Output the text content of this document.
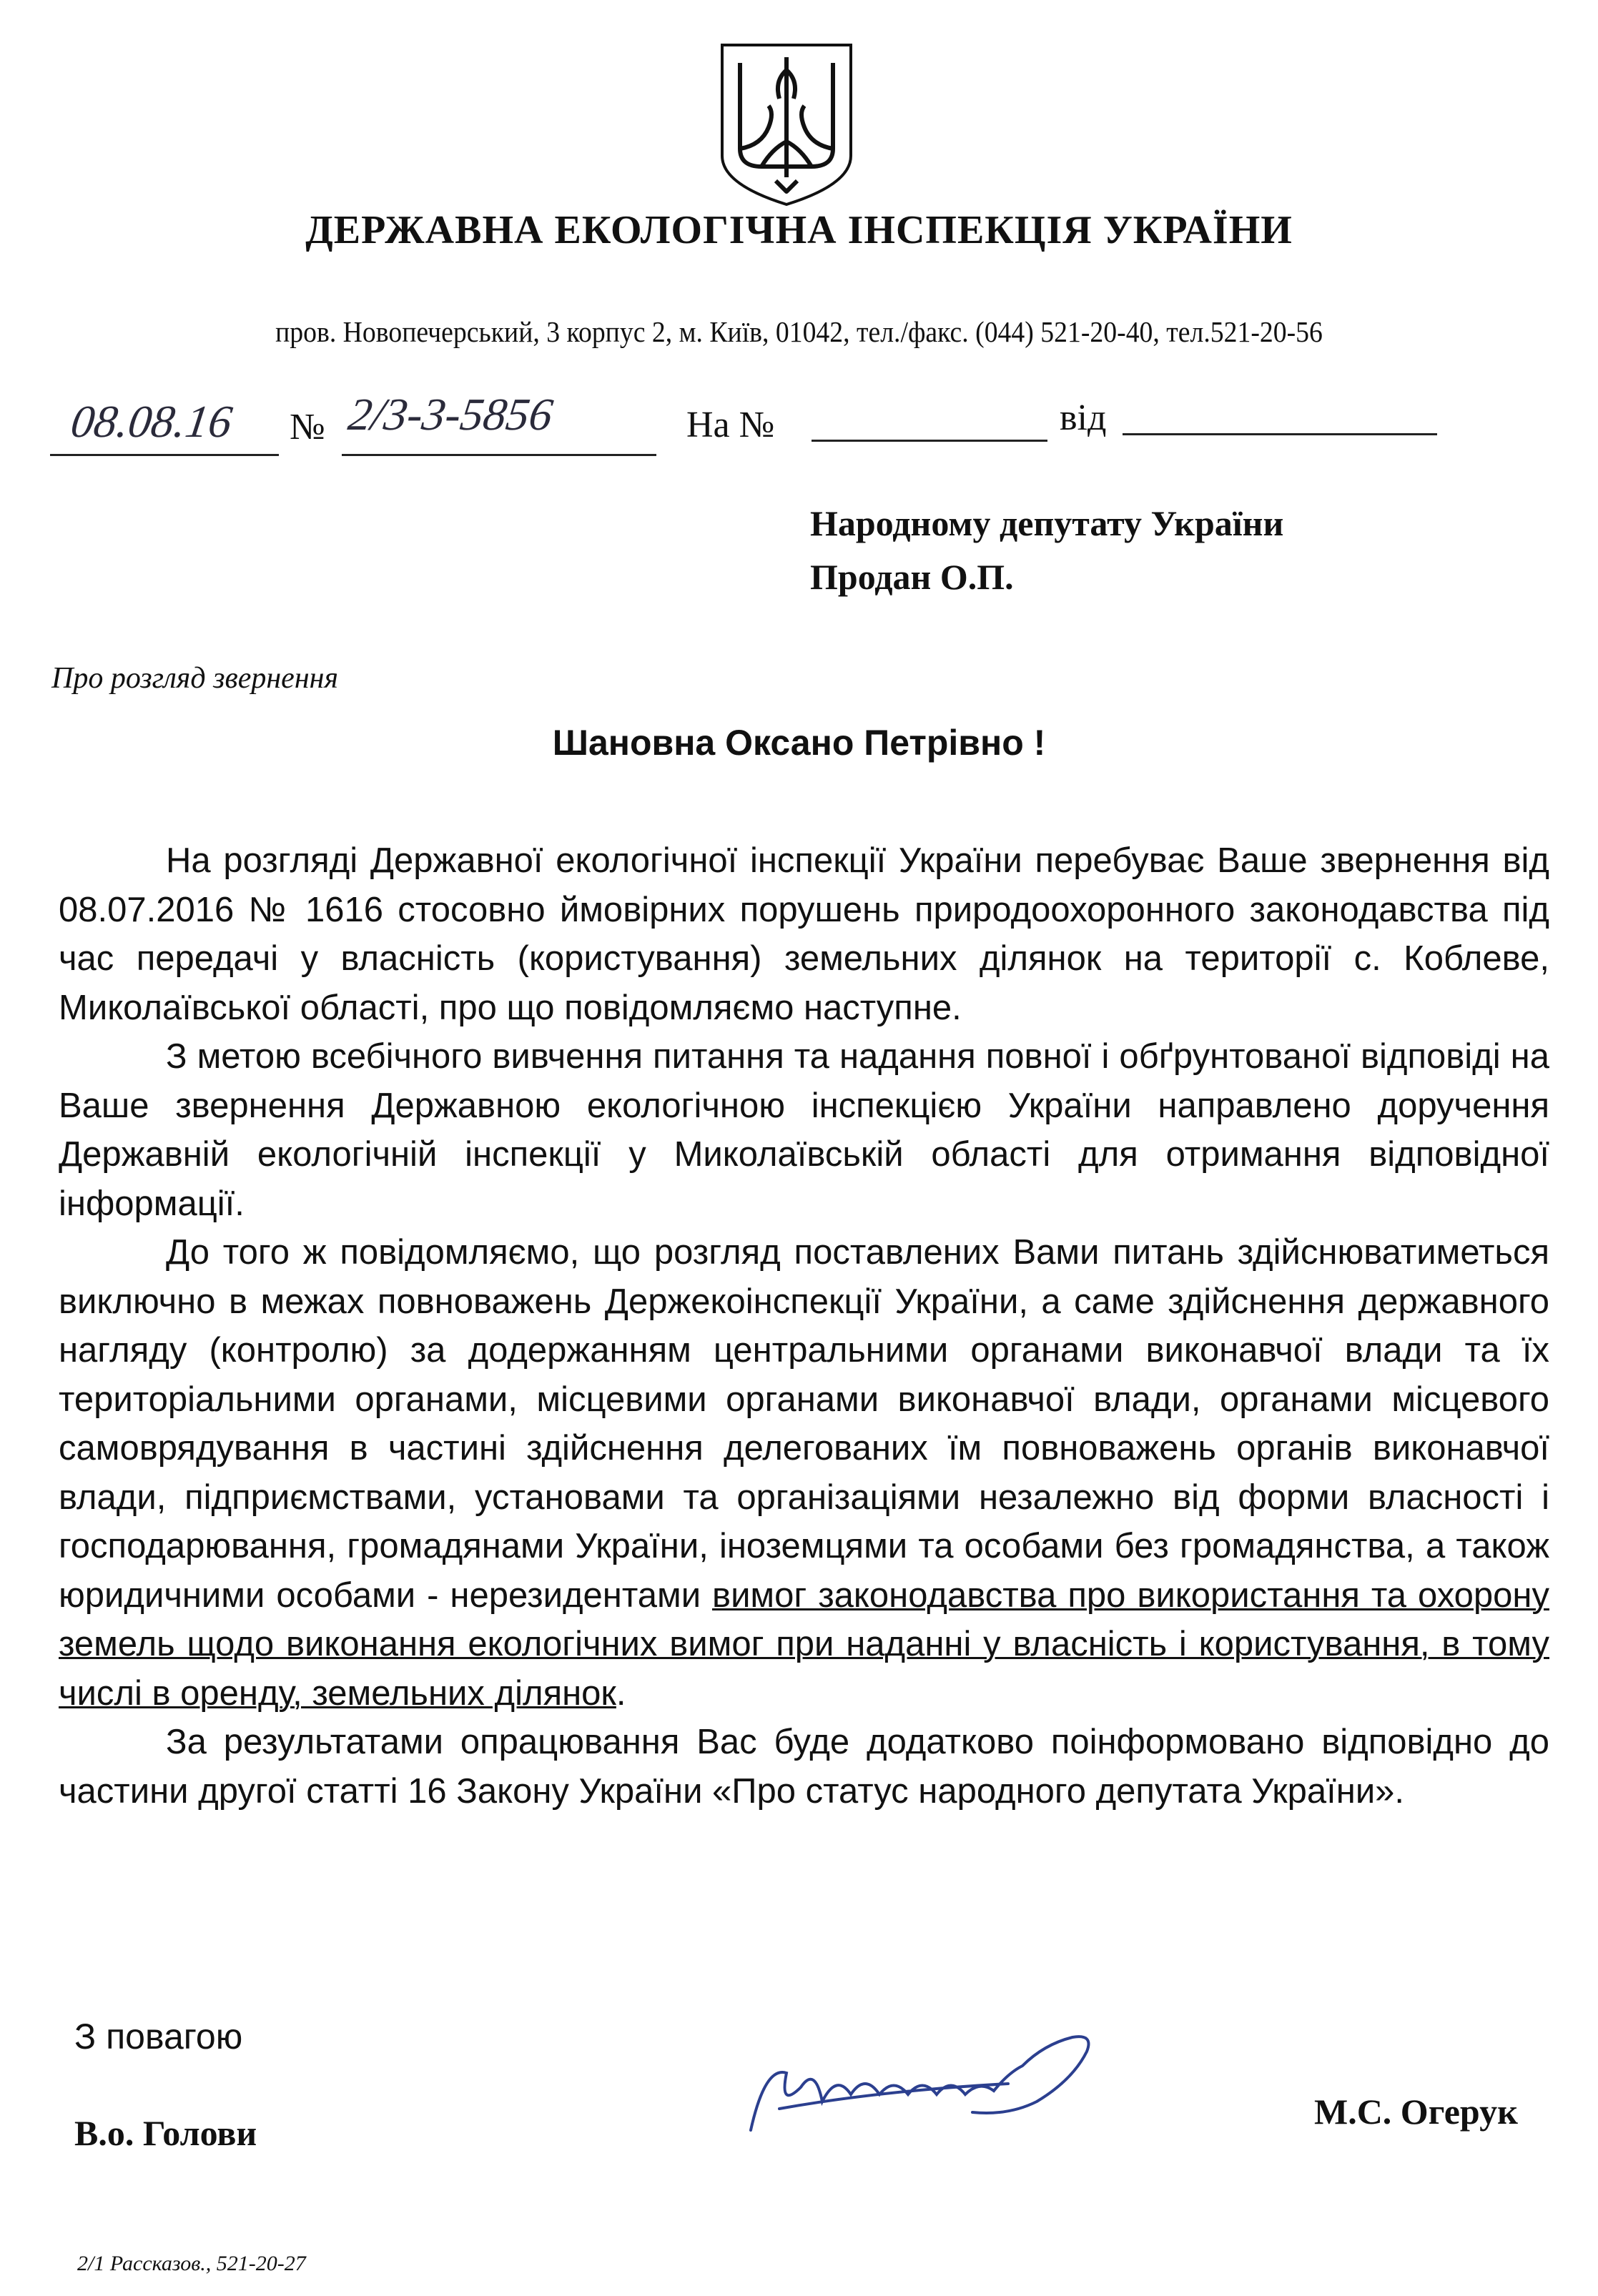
ДЕРЖАВНА ЕКОЛОГІЧНА ІНСПЕКЦІЯ УКРАЇНИ
пров. Новопечерський, 3 корпус 2, м. Київ, 01042, тел./факс. (044) 521-20-40, тел.521-20-56
08.08.16 № 2/3-3-5856	На №	від
Народному депутату України
Продан О.П.
Про розгляд звернення
Шановна Оксано Петрівно !

На розгляді Державної екологічної інспекції України перебуває Ваше звернення від 08.07.2016 № 1616 стосовно ймовірних порушень природоохоронного законодавства під час передачі у власність (користування) земельних ділянок на території с. Коблеве, Миколаївської області, про що повідомляємо наступне.

З метою всебічного вивчення питання та надання повної і обґрунтованої відповіді на Ваше звернення Державною екологічною інспекцією України направлено доручення Державній екологічній інспекції у Миколаївській області для отримання відповідної інформації.

До того ж повідомляємо, що розгляд поставлених Вами питань здійснюватиметься виключно в межах повноважень Держекоінспекції України, а саме здійснення державного нагляду (контролю) за додержанням центральними органами виконавчої влади та їх територіальними органами, місцевими органами виконавчої влади, органами місцевого самоврядування в частині здійснення делегованих їм повноважень органів виконавчої влади, підприємствами, установами та організаціями незалежно від форми власності і господарювання, громадянами України, іноземцями та особами без громадянства, а також юридичними особами - нерезидентами вимог законодавства про використання та охорону земель щодо виконання екологічних вимог при наданні у власність і користування, в тому числі в оренду, земельних ділянок.

За результатами опрацювання Вас буде додатково поінформовано відповідно до частини другої статті 16 Закону України «Про статус народного депутата України».

З повагою
В.о. Голови
М.С. Огерук
2/1 Рассказов., 521-20-27
